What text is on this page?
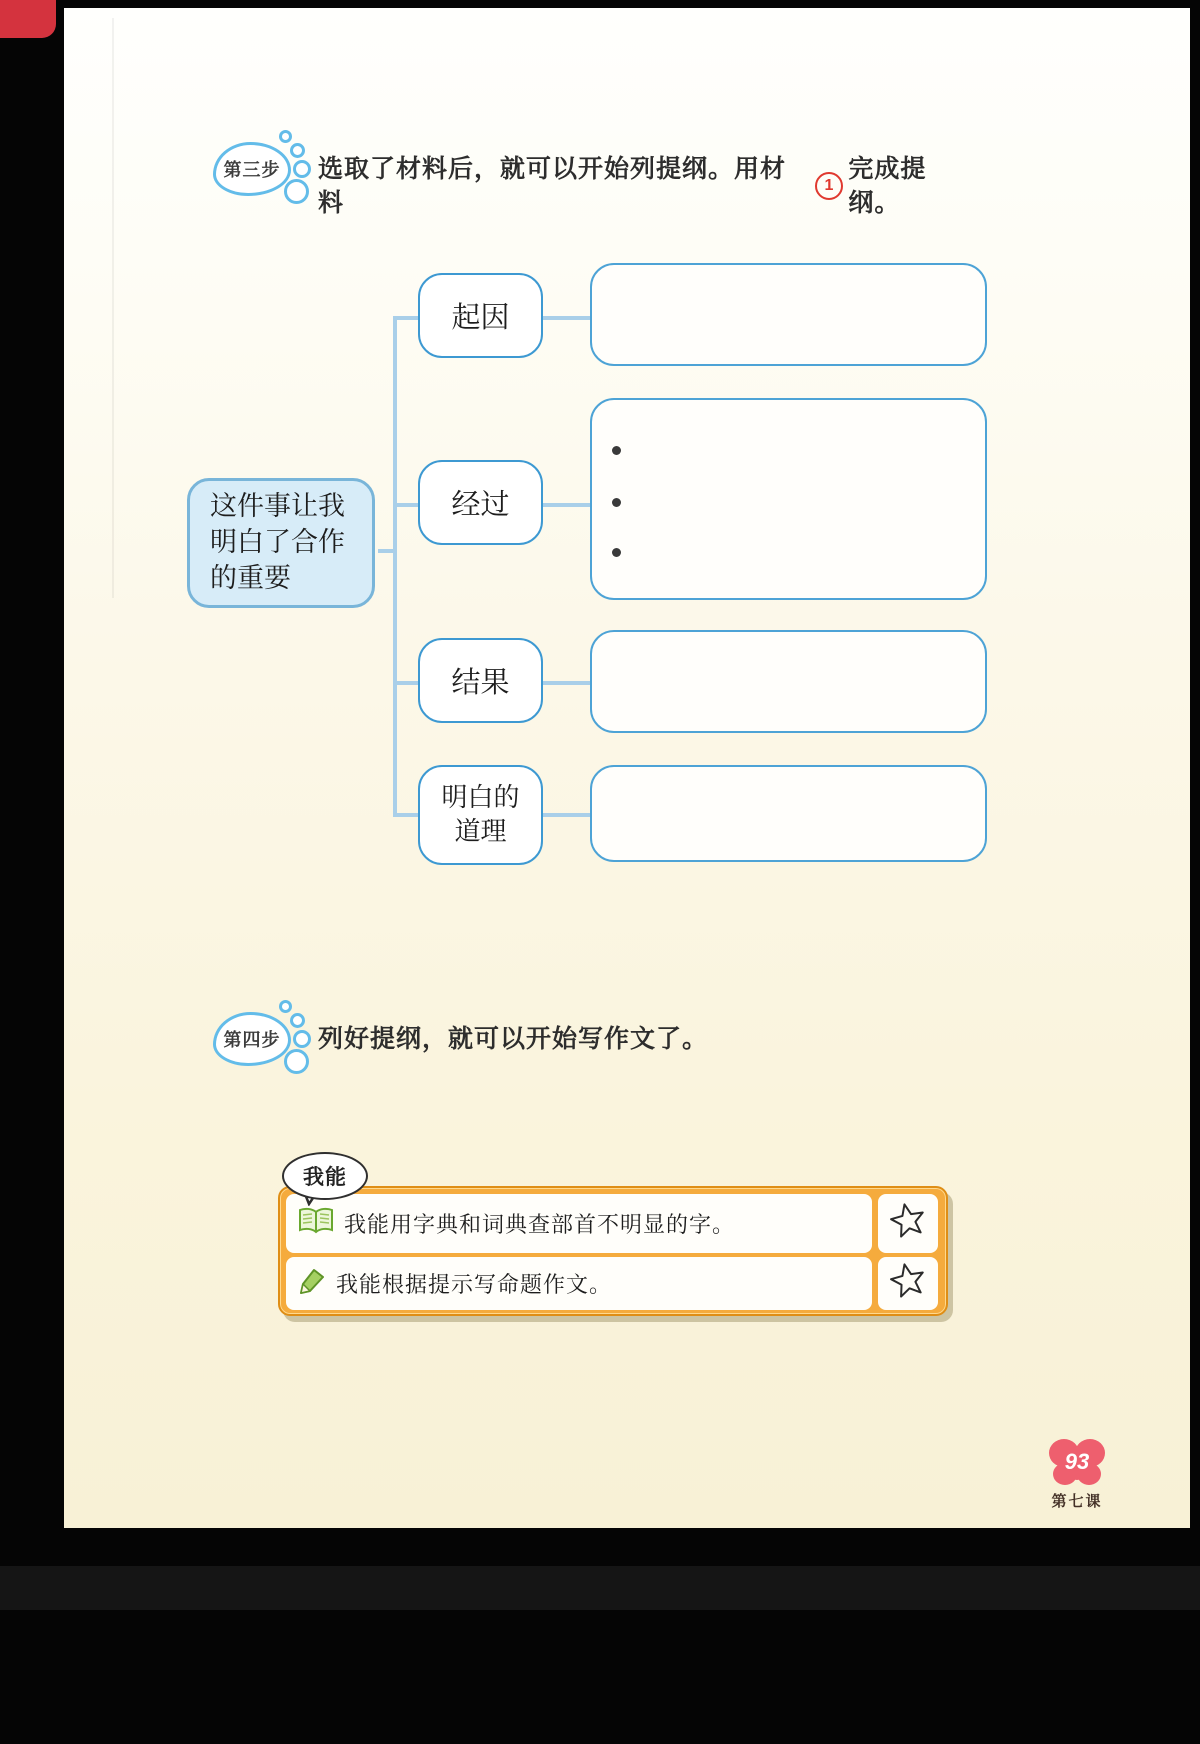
第三步 选取了材料后，就可以开始列提纲。用材料
1
完成提纲。
这件事让我
明白了合作
的重要
起因
经过
结果
明白的
道理
第四步 列好提纲，就可以开始写作文了。
我能
我能用字典和词典查部首不明显的字。
我能根据提示写命题作文。
93
第七课
